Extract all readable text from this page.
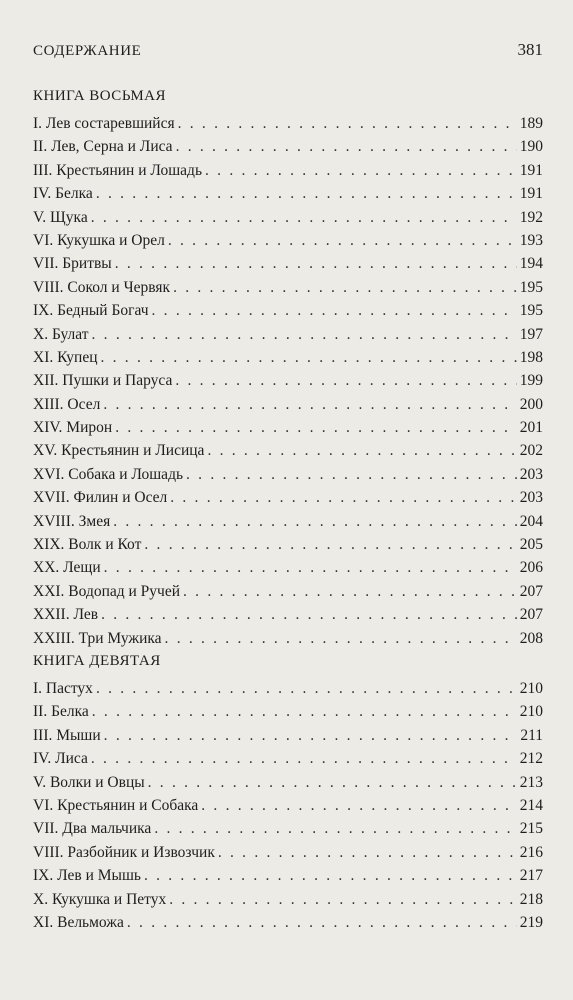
СОДЕРЖАНИЕ	381
КНИГА ВОСЬМАЯ
I. Лев состаревшийся . . .	189
II. Лев, Серна и Лиса . . .	190
III. Крестьянин и Лошадь . . .	191
IV. Белка . . .	191
V. Щука . . .	192
VI. Кукушка и Орел . . .	193
VII. Бритвы . . .	194
VIII. Сокол и Червяк . . .	195
IX. Бедный Богач . . .	195
X. Булат . . .	197
XI. Купец . . .	198
XII. Пушки и Паруса . . .	199
XIII. Осел . . .	200
XIV. Мирон . . .	201
XV. Крестьянин и Лисица . . .	202
XVI. Собака и Лошадь . . .	203
XVII. Филин и Осел . . .	203
XVIII. Змея . . .	204
XIX. Волк и Кот . . .	205
XX. Лещи . . .	206
XXI. Водопад и Ручей . . .	207
XXII. Лев . . .	207
XXIII. Три Мужика . . .	208
КНИГА ДЕВЯТАЯ
I. Пастух . . .	210
II. Белка . . .	210
III. Мыши . . .	211
IV. Лиса . . .	212
V. Волки и Овцы . . .	213
VI. Крестьянин и Собака . . .	214
VII. Два мальчика . . .	215
VIII. Разбойник и Извозчик . . .	216
IX. Лев и Мышь . . .	217
X. Кукушка и Петух . . .	218
XI. Вельможа . . .	219
